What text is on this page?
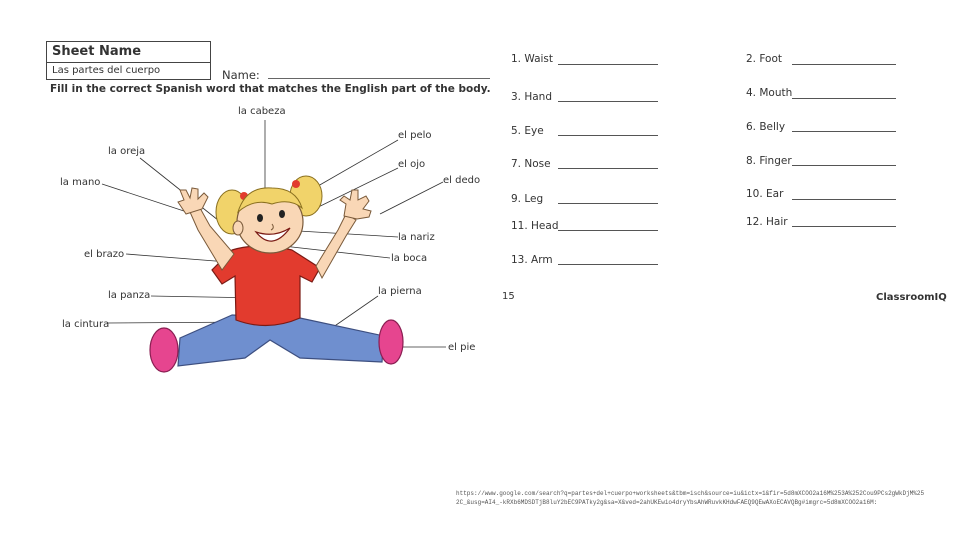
Sheet Name
Las partes del cuerpo	Name:
Fill in the correct Spanish word that matches the English part of the body.
la cabeza
el pelo
la oreja
el ojo
la mano	el dedo
la nariz
el brazo	la boca
la panza	la pierna
la cintura
el pie
1. Waist	2. Foot
3. Hand	4. Mouth
5. Eye	6. Belly
7. Nose	8. Finger
9. Leg	10. Ear
11. Head	12. Hair
13. Arm
15	ClassroomIQ
https://www.google.com/search?q=partes+del+cuerpo+worksheets&tbm=isch&source=iu&ictx=1&fir=5d8mXCOO2a16M%253A%252Cou9PCs2gWkDjM%252C_&usg=AI4_-kRXb6MDSDTjB8luY2bEC9PATky2g&sa=X&ved=2ahUKEwio4dryYbsAhWRuvkKHdwFAEQ9QEwAXoECAVQBg#imgrc=5d8mXCOO2a16M:
